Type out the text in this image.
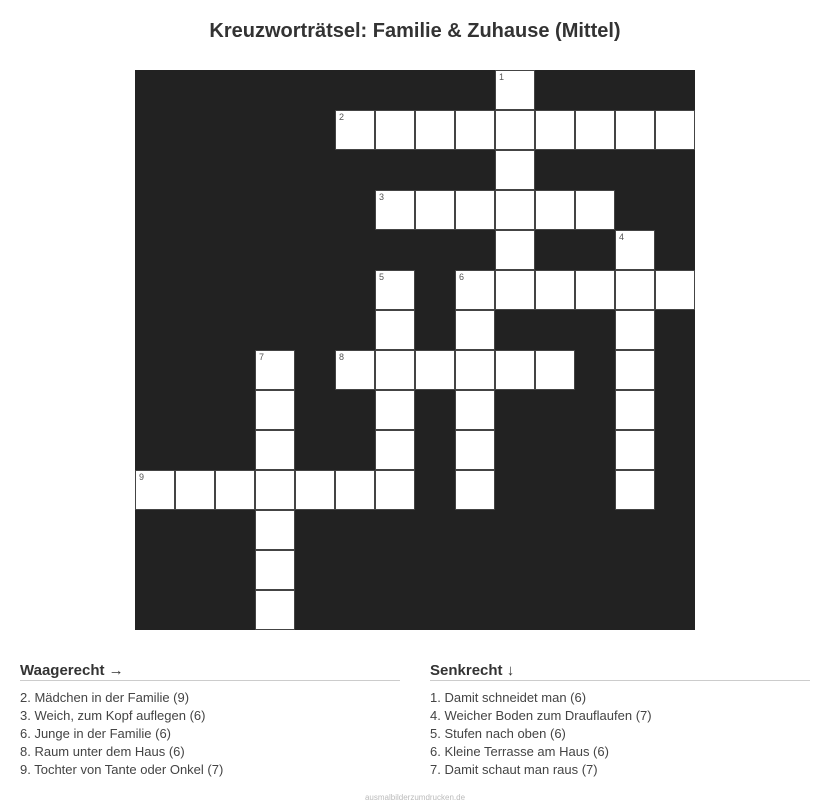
Kreuzworträtsel: Familie & Zuhause (Mittel)
1
2
3
4
5	6
7	8
9
Waagerecht →
2. Mädchen in der Familie (9)
3. Weich, zum Kopf auflegen (6)
6. Junge in der Familie (6)
8. Raum unter dem Haus (6)
9. Tochter von Tante oder Onkel (7)
Senkrecht ↓
1. Damit schneidet man (6)
4. Weicher Boden zum Drauflaufen (7)
5. Stufen nach oben (6)
6. Kleine Terrasse am Haus (6)
7. Damit schaut man raus (7)
ausmalbilderzumdrucken.de
